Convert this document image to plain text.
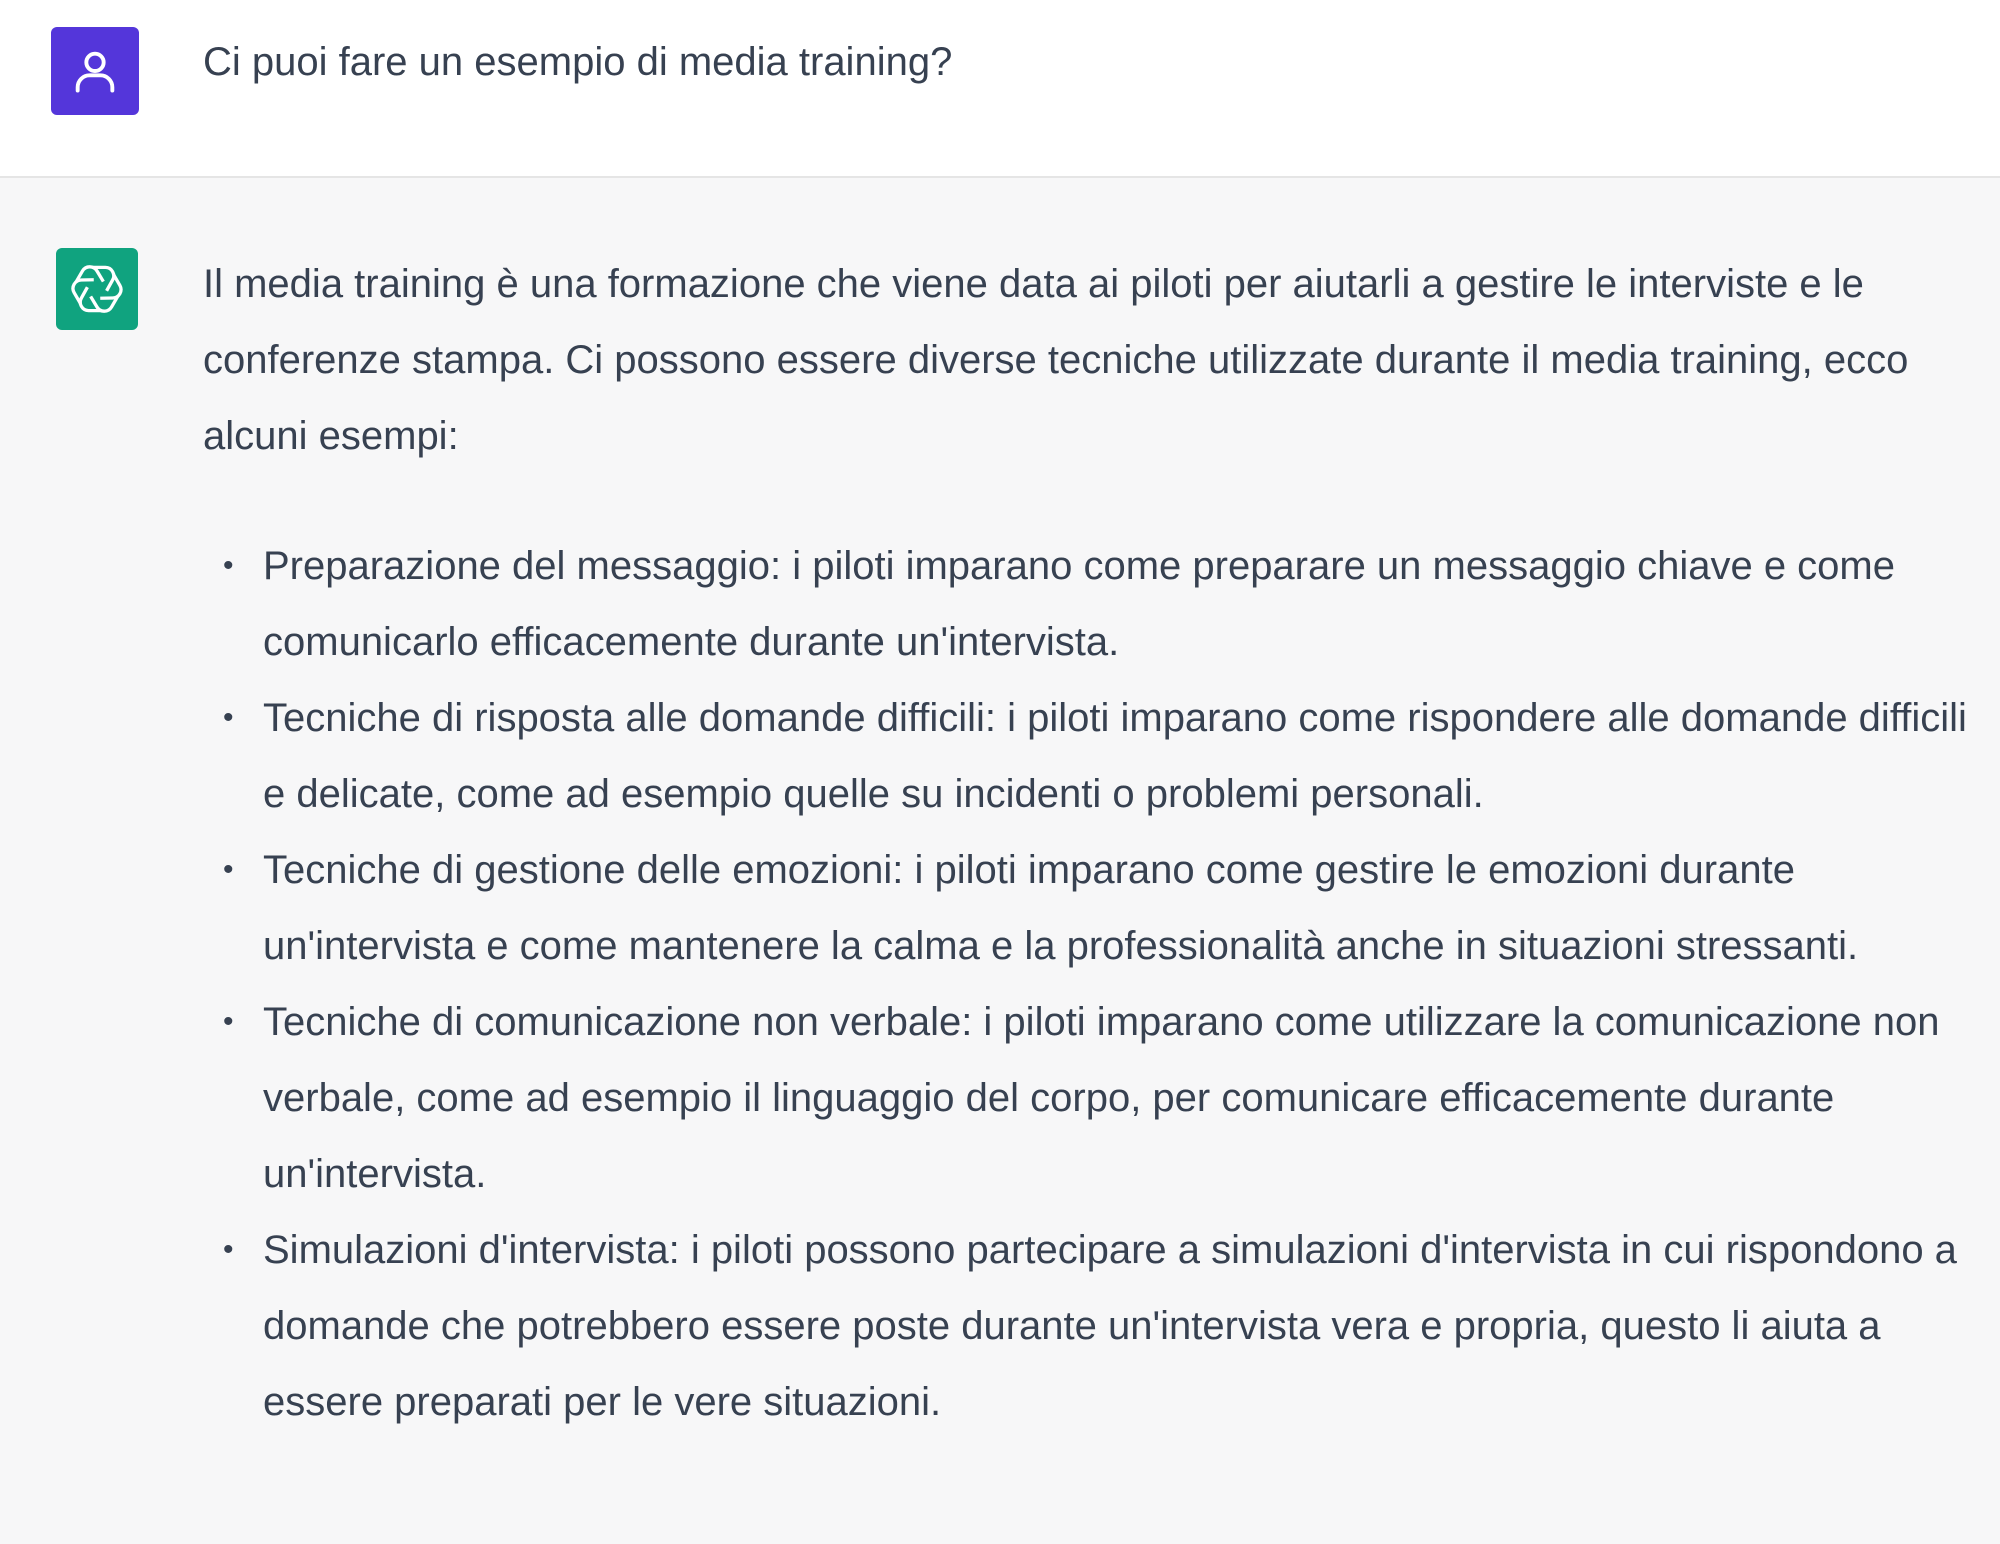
Ci puoi fare un esempio di media training?

Il media training è una formazione che viene data ai piloti per aiutarli a gestire le interviste e le conferenze stampa. Ci possono essere diverse tecniche utilizzate durante il media training, ecco alcuni esempi:

• Preparazione del messaggio: i piloti imparano come preparare un messaggio chiave e come comunicarlo efficacemente durante un'intervista.
• Tecniche di risposta alle domande difficili: i piloti imparano come rispondere alle domande difficili e delicate, come ad esempio quelle su incidenti o problemi personali.
• Tecniche di gestione delle emozioni: i piloti imparano come gestire le emozioni durante un'intervista e come mantenere la calma e la professionalità anche in situazioni stressanti.
• Tecniche di comunicazione non verbale: i piloti imparano come utilizzare la comunicazione non verbale, come ad esempio il linguaggio del corpo, per comunicare efficacemente durante un'intervista.
• Simulazioni d'intervista: i piloti possono partecipare a simulazioni d'intervista in cui rispondono a domande che potrebbero essere poste durante un'intervista vera e propria, questo li aiuta a essere preparati per le vere situazioni.
